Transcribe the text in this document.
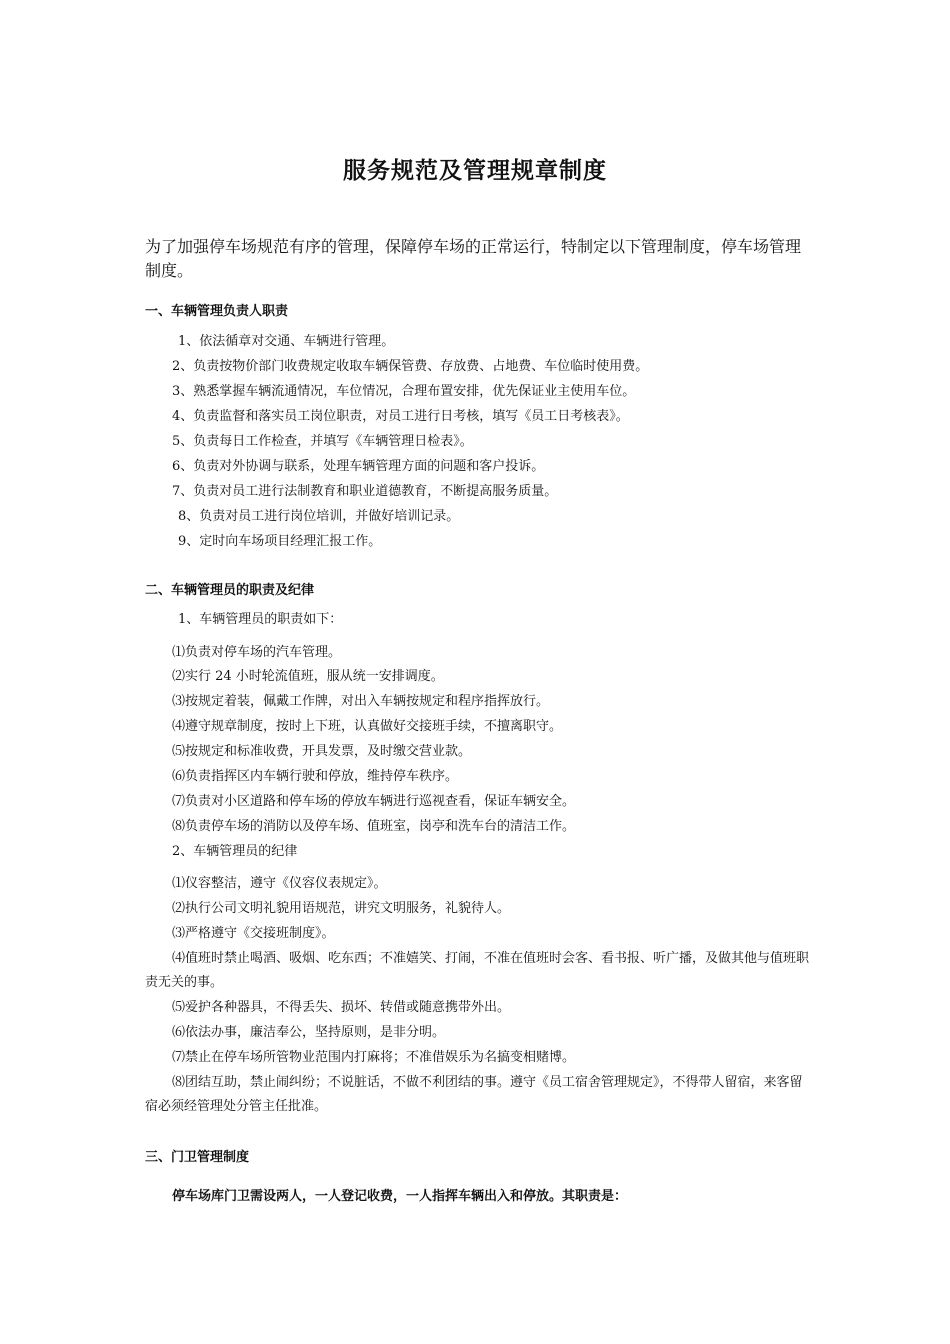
服务规范及管理规章制度
为了加强停车场规范有序的管理，保障停车场的正常运行，特制定以下管理制度，停车场管理制度。
一、车辆管理负责人职责
1、依法循章对交通、车辆进行管理。
2、负责按物价部门收费规定收取车辆保管费、存放费、占地费、车位临时使用费。
3、熟悉掌握车辆流通情况，车位情况，合理布置安排，优先保证业主使用车位。
4、负责监督和落实员工岗位职责，对员工进行日考核，填写《员工日考核表》。
5、负责每日工作检查，并填写《车辆管理日检表》。
6、负责对外协调与联系，处理车辆管理方面的问题和客户投诉。
7、负责对员工进行法制教育和职业道德教育，不断提高服务质量。
8、负责对员工进行岗位培训，并做好培训记录。
9、定时向车场项目经理汇报工作。
二、车辆管理员的职责及纪律
1、车辆管理员的职责如下：
⑴负责对停车场的汽车管理。
⑵实行 24 小时轮流值班，服从统一安排调度。
⑶按规定着装，佩戴工作牌，对出入车辆按规定和程序指挥放行。
⑷遵守规章制度，按时上下班，认真做好交接班手续，不擅离职守。
⑸按规定和标准收费，开具发票，及时缴交营业款。
⑹负责指挥区内车辆行驶和停放，维持停车秩序。
⑺负责对小区道路和停车场的停放车辆进行巡视查看，保证车辆安全。
⑻负责停车场的消防以及停车场、值班室，岗亭和洗车台的清洁工作。
2、车辆管理员的纪律
⑴仪容整洁，遵守《仪容仪表规定》。
⑵执行公司文明礼貌用语规范，讲究文明服务，礼貌待人。
⑶严格遵守《交接班制度》。
⑷值班时禁止喝酒、吸烟、吃东西；不准嬉笑、打闹，不准在值班时会客、看书报、听广播，及做其他与值班职责无关的事。
⑸爱护各种器具，不得丢失、损坏、转借或随意携带外出。
⑹依法办事，廉洁奉公，坚持原则，是非分明。
⑺禁止在停车场所管物业范围内打麻将；不准借娱乐为名搞变相赌博。
⑻团结互助，禁止闹纠纷；不说脏话，不做不利团结的事。遵守《员工宿舍管理规定》，不得带人留宿，来客留宿必须经管理处分管主任批准。
三、门卫管理制度
停车场库门卫需设两人，一人登记收费，一人指挥车辆出入和停放。其职责是：
